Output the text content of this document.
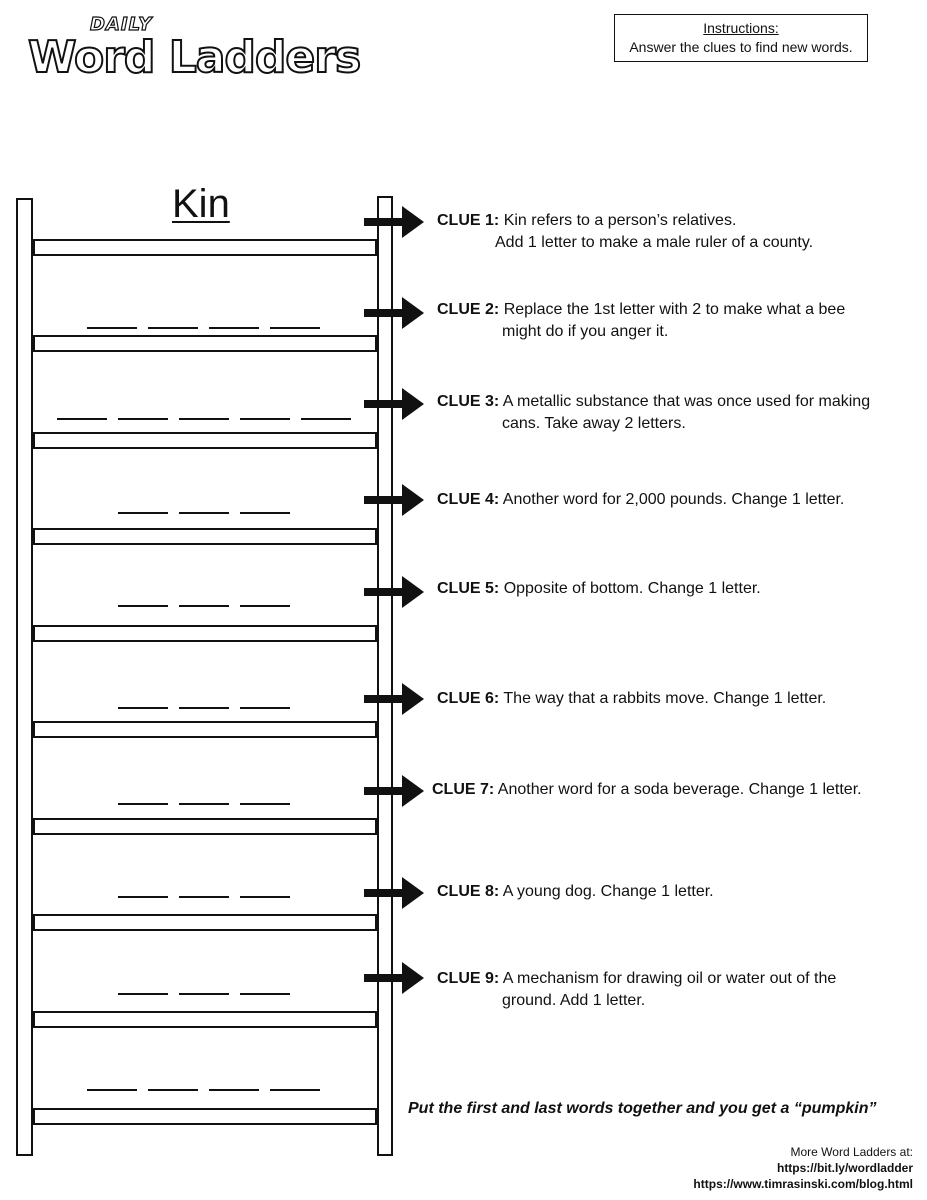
DAILY
Word Ladders
Instructions:
Answer the clues to find new words.
Kin	CLUE 1: Kin refers to a person’s relatives.
Add 1 letter to make a male ruler of a county.
CLUE 2: Replace the 1st letter with 2 to make what a bee
might do if you anger it.
CLUE 3: A metallic substance that was once used for making
cans. Take away 2 letters.
CLUE 4: Another word for 2,000 pounds. Change 1 letter.
CLUE 5: Opposite of bottom. Change 1 letter.
CLUE 6: The way that a rabbits move. Change 1 letter.
CLUE 7: Another word for a soda beverage. Change 1 letter.
CLUE 8: A young dog. Change 1 letter.
CLUE 9: A mechanism for drawing oil or water out of the
ground. Add 1 letter.
Put the first and last words together and you get a “pumpkin”
More Word Ladders at:
https://bit.ly/wordladder
https://www.timrasinski.com/blog.html
